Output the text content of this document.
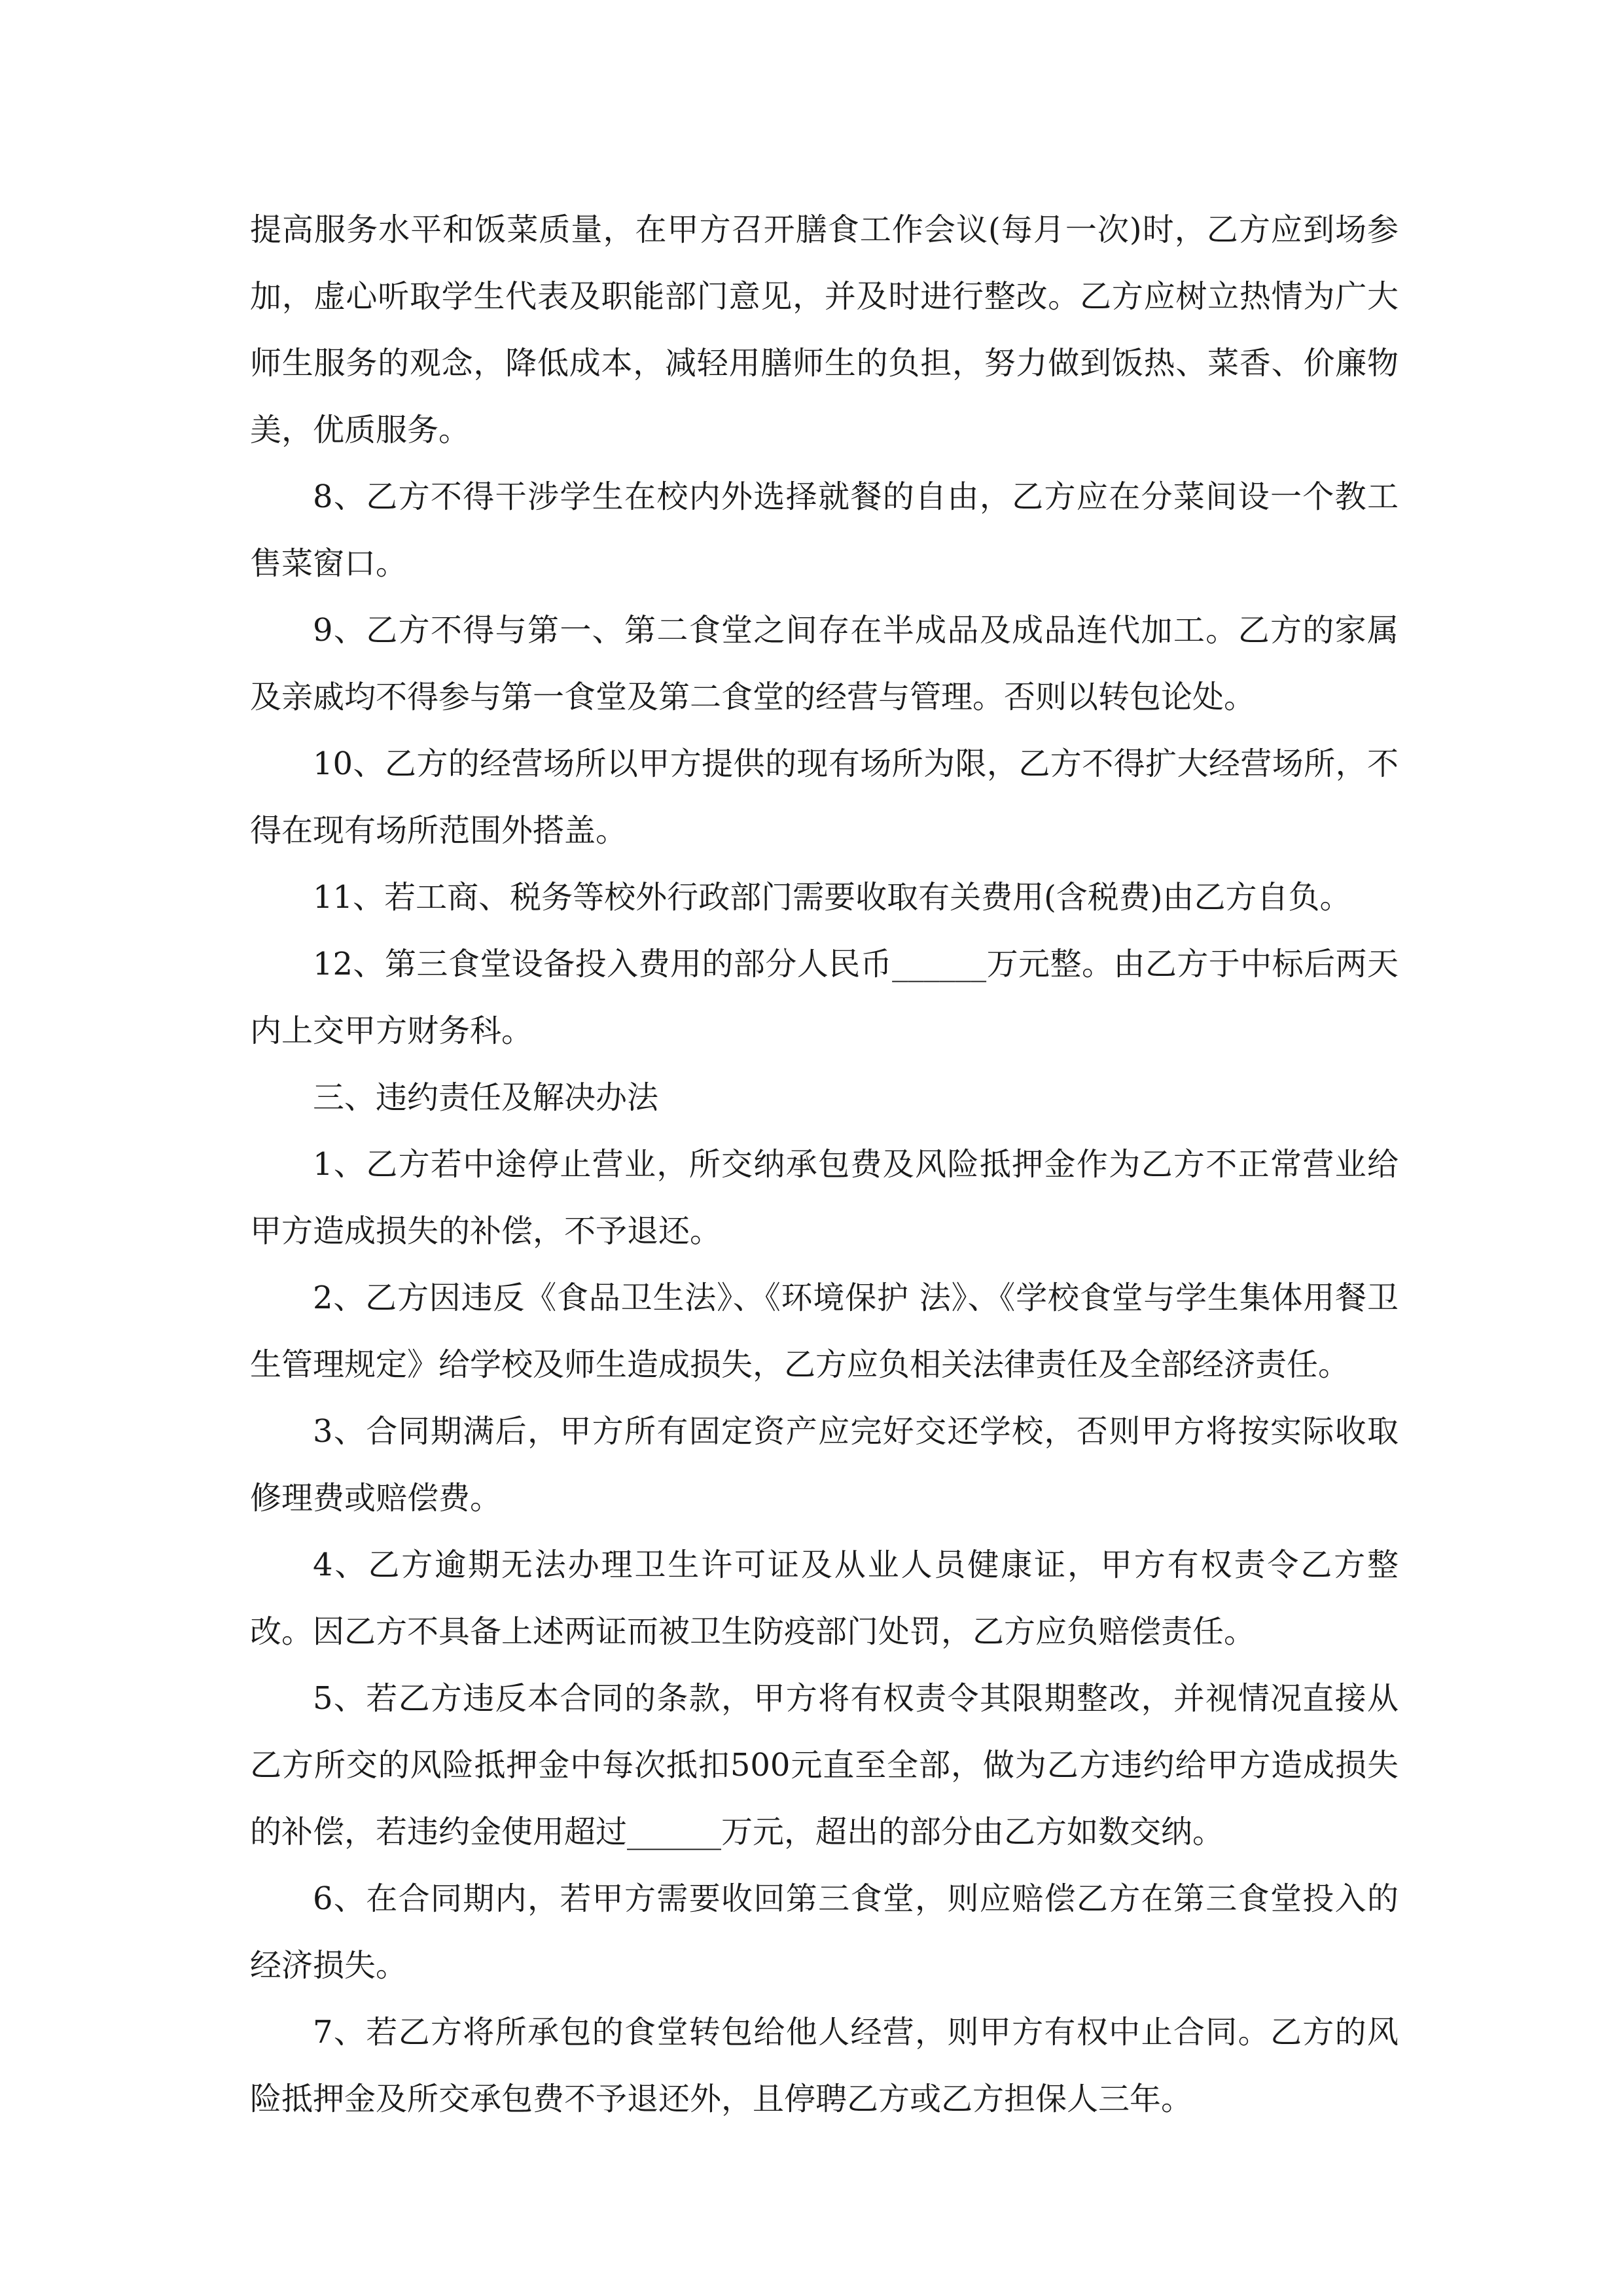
提高服务水平和饭菜质量，在甲方召开膳食工作会议(每月一次)时，乙方应到场参加，虚心听取学生代表及职能部门意见，并及时进行整改。乙方应树立热情为广大师生服务的观念，降低成本，减轻用膳师生的负担，努力做到饭热、菜香、价廉物美，优质服务。

8、乙方不得干涉学生在校内外选择就餐的自由，乙方应在分菜间设一个教工售菜窗口。

9、乙方不得与第一、第二食堂之间存在半成品及成品连代加工。乙方的家属及亲戚均不得参与第一食堂及第二食堂的经营与管理。否则以转包论处。

10、乙方的经营场所以甲方提供的现有场所为限，乙方不得扩大经营场所，不得在现有场所范围外搭盖。

11、若工商、税务等校外行政部门需要收取有关费用(含税费)由乙方自负。

12、第三食堂设备投入费用的部分人民币______万元整。由乙方于中标后两天内上交甲方财务科。

三、违约责任及解决办法

1、乙方若中途停止营业，所交纳承包费及风险抵押金作为乙方不正常营业给甲方造成损失的补偿，不予退还。

2、乙方因违反《食品卫生法》、《环境保护 法》、《学校食堂与学生集体用餐卫生管理规定》给学校及师生造成损失，乙方应负相关法律责任及全部经济责任。

3、合同期满后，甲方所有固定资产应完好交还学校，否则甲方将按实际收取修理费或赔偿费。

4、乙方逾期无法办理卫生许可证及从业人员健康证，甲方有权责令乙方整改。因乙方不具备上述两证而被卫生防疫部门处罚，乙方应负赔偿责任。

5、若乙方违反本合同的条款，甲方将有权责令其限期整改，并视情况直接从乙方所交的风险抵押金中每次抵扣500元直至全部，做为乙方违约给甲方造成损失的补偿，若违约金使用超过______万元，超出的部分由乙方如数交纳。

6、在合同期内，若甲方需要收回第三食堂，则应赔偿乙方在第三食堂投入的经济损失。

7、若乙方将所承包的食堂转包给他人经营，则甲方有权中止合同。乙方的风险抵押金及所交承包费不予退还外，且停聘乙方或乙方担保人三年。
